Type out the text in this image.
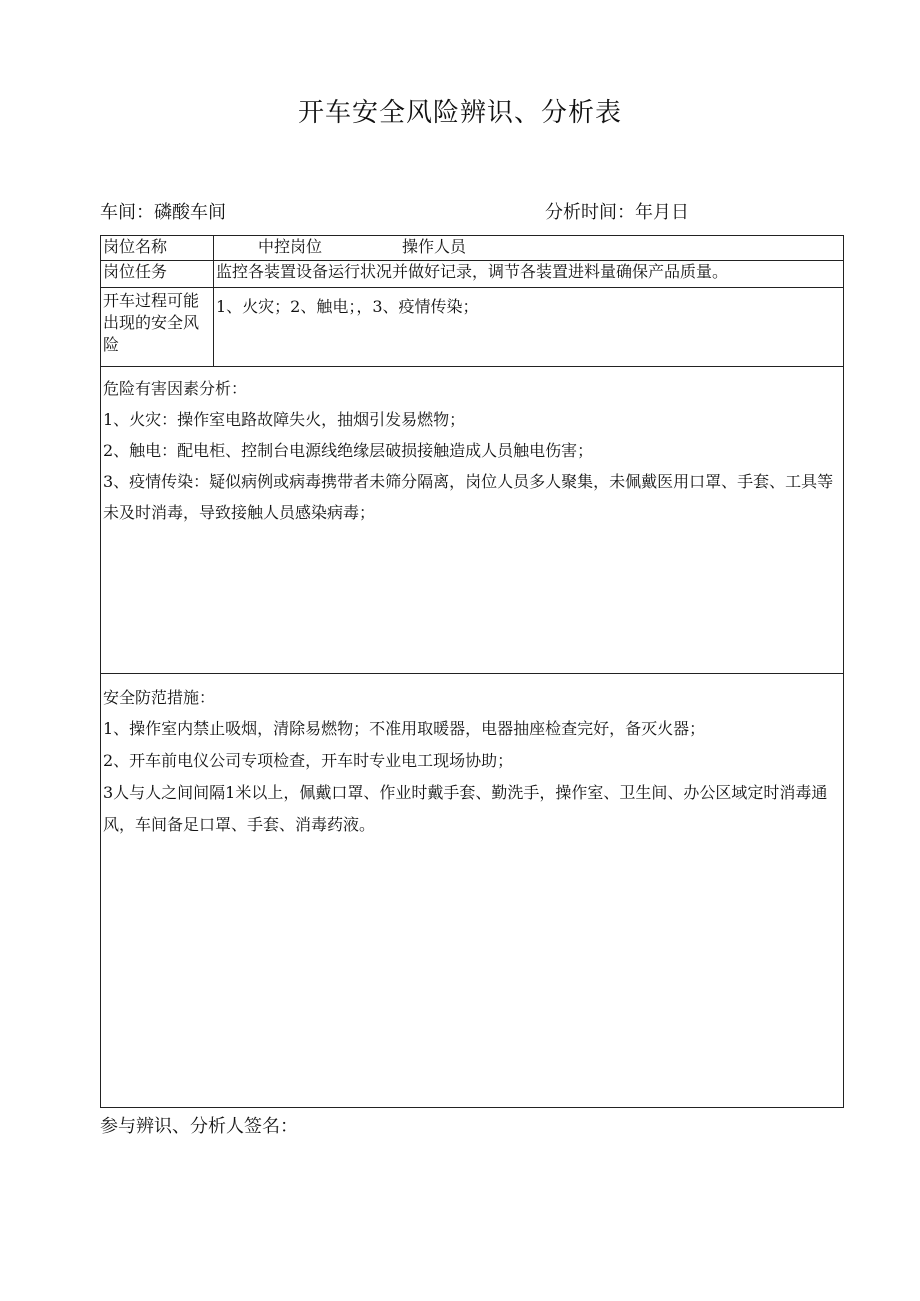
开车安全风险辨识、分析表
车间：磷酸车间	分析时间：年月日
岗位名称	中控岗位 操作人员
岗位任务	监控各装置设备运行状况并做好记录，调节各装置进料量确保产品质量。
开车过程可能出现的安全风险	1、火灾；2、触电；，3、疫情传染；

危险有害因素分析：
1、火灾：操作室电路故障失火，抽烟引发易燃物；
2、触电：配电柜、控制台电源线绝缘层破损接触造成人员触电伤害；
3、疫情传染：疑似病例或病毒携带者未筛分隔离，岗位人员多人聚集，未佩戴医用口罩、手套、工具等未及时消毒，导致接触人员感染病毒；	

安全防范措施：
1、操作室内禁止吸烟，清除易燃物；不准用取暖器，电器抽座检查完好，备灭火器；
2、开车前电仪公司专项检查，开车时专业电工现场协助；
3人与人之间间隔1米以上，佩戴口罩、作业时戴手套、勤洗手，操作室、卫生间、办公区域定时消毒通风，车间备足口罩、手套、消毒药液。	
参与辨识、分析人签名：
